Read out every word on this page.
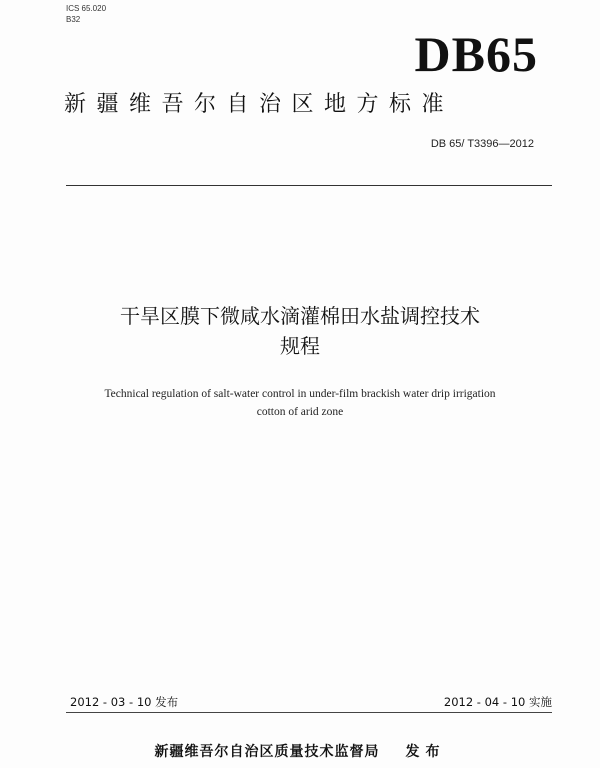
ICS 65.020
B32
DB65
新疆维吾尔自治区地方标准
DB 65/ T3396—2012
干旱区膜下微咸水滴灌棉田水盐调控技术
规程
Technical regulation of salt-water control in under-film brackish water drip irrigation
cotton of arid zone
2012 - 03 - 10 发布	2012 - 04 - 10 实施
新疆维吾尔自治区质量技术监督局 发布
